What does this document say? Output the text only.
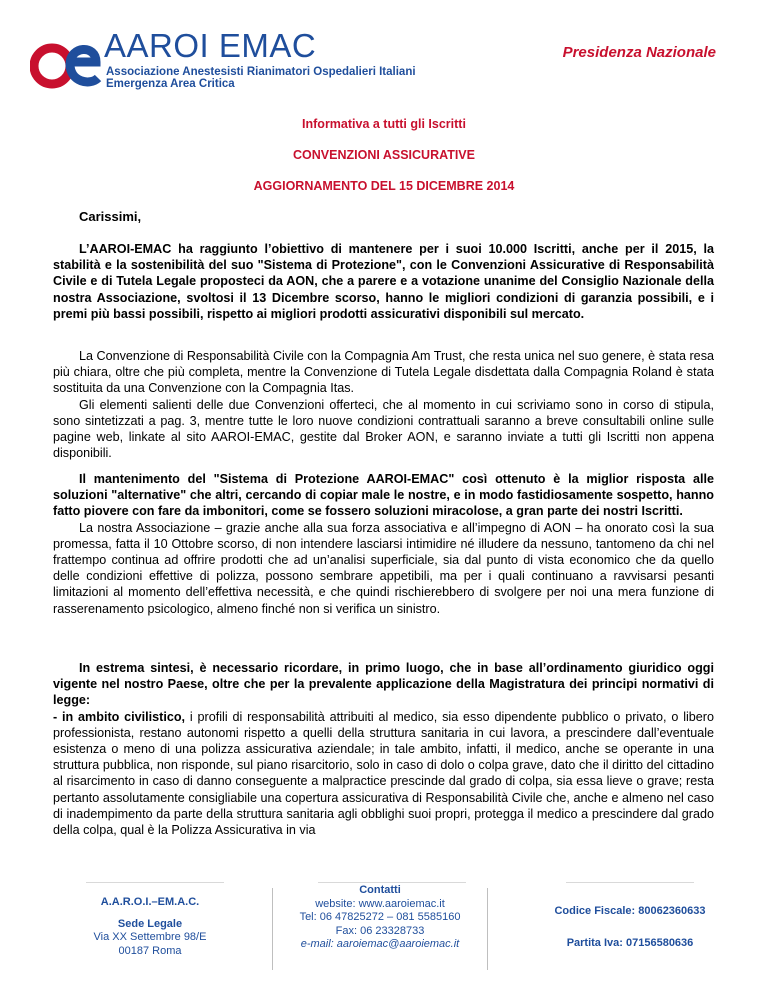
AAROI EMAC
Associazione Anestesisti Rianimatori Ospedalieri Italiani
Emergenza Area Critica
Presidenza Nazionale
Informativa a tutti gli Iscritti
CONVENZIONI ASSICURATIVE
AGGIORNAMENTO DEL 15 DICEMBRE 2014
Carissimi,

L’AAROI-EMAC ha raggiunto l’obiettivo di mantenere per i suoi 10.000 Iscritti, anche per il 2015, la stabilità e la sostenibilità del suo "Sistema di Protezione", con le Convenzioni Assicurative di Responsabilità Civile e di Tutela Legale proposteci da AON, che a parere e a votazione unanime del Consiglio Nazionale della nostra Associazione, svoltosi il 13 Dicembre scorso, hanno le migliori condizioni di garanzia possibili, e i premi più bassi possibili, rispetto ai migliori prodotti assicurativi disponibili sul mercato.

La Convenzione di Responsabilità Civile con la Compagnia Am Trust, che resta unica nel suo genere, è stata resa più chiara, oltre che più completa, mentre la Convenzione di Tutela Legale disdettata dalla Compagnia Roland è stata sostituita da una Convenzione con la Compagnia Itas.

Gli elementi salienti delle due Convenzioni offerteci, che al momento in cui scriviamo sono in corso di stipula, sono sintetizzati a pag. 3, mentre tutte le loro nuove condizioni contrattuali saranno a breve consultabili online sulle pagine web, linkate al sito AAROI-EMAC, gestite dal Broker AON, e saranno inviate a tutti gli Iscritti non appena disponibili.

Il mantenimento del "Sistema di Protezione AAROI-EMAC" così ottenuto è la miglior risposta alle soluzioni "alternative" che altri, cercando di copiar male le nostre, e in modo fastidiosamente sospetto, hanno fatto piovere con fare da imbonitori, come se fossero soluzioni miracolose, a gran parte dei nostri Iscritti.

La nostra Associazione – grazie anche alla sua forza associativa e all’impegno di AON – ha onorato così la sua promessa, fatta il 10 Ottobre scorso, di non intendere lasciarsi intimidire né illudere da nessuno, tantomeno da chi nel frattempo continua ad offrire prodotti che ad un’analisi superficiale, sia dal punto di vista economico che da quello delle condizioni effettive di polizza, possono sembrare appetibili, ma per i quali continuano a ravvisarsi pesanti limitazioni al momento dell’effettiva necessità, e che quindi rischierebbero di svolgere per noi una mera funzione di rasserenamento psicologico, almeno finché non si verifica un sinistro.

In estrema sintesi, è necessario ricordare, in primo luogo, che in base all’ordinamento giuridico oggi vigente nel nostro Paese, oltre che per la prevalente applicazione della Magistratura dei principi normativi di legge:

- in ambito civilistico, i profili di responsabilità attribuiti al medico, sia esso dipendente pubblico o privato, o libero professionista, restano autonomi rispetto a quelli della struttura sanitaria in cui lavora, a prescindere dall’eventuale esistenza o meno di una polizza assicurativa aziendale; in tale ambito, infatti, il medico, anche se operante in una struttura pubblica, non risponde, sul piano risarcitorio, solo in caso di dolo o colpa grave, dato che il diritto del cittadino al risarcimento in caso di danno conseguente a malpractice prescinde dal grado di colpa, sia essa lieve o grave; resta pertanto assolutamente consigliabile una copertura assicurativa di Responsabilità Civile che, anche e almeno nel caso di inadempimento da parte della struttura sanitaria agli obblighi suoi propri, protegga il medico a prescindere dal grado della colpa, qual è la Polizza Assicurativa in via

A.A.R.O.I.–EM.A.C.
Sede Legale
Via XX Settembre 98/E
00187 Roma
Contatti
website: www.aaroiemac.it
Tel: 06 47825272 – 081 5585160
Fax: 06 23328733
e-mail: aaroiemac@aaroiemac.it
Codice Fiscale: 80062360633
Partita Iva: 07156580636
